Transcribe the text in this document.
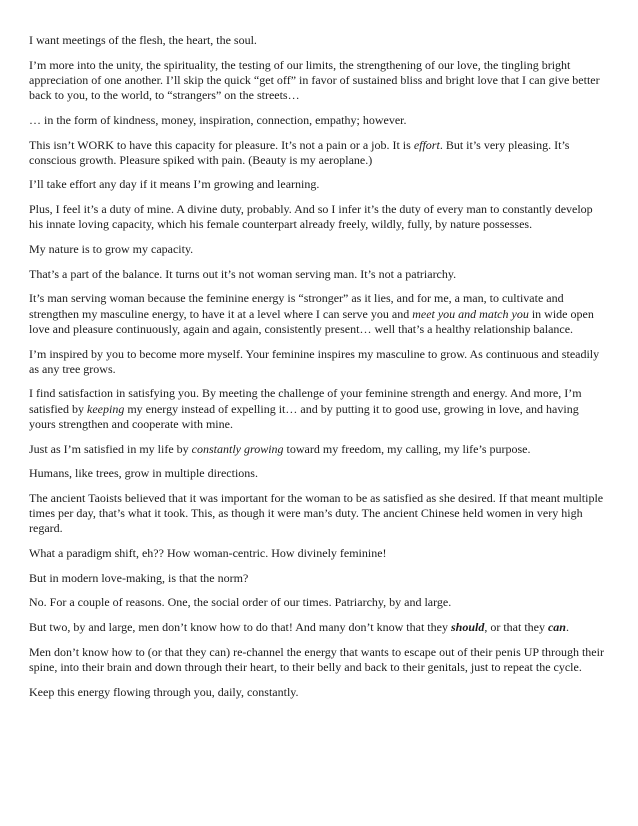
I want meetings of the flesh, the heart, the soul.

I’m more into the unity, the spirituality, the testing of our limits, the strengthening of our love, the tingling bright appreciation of one another. I’ll skip the quick “get off” in favor of sustained bliss and bright love that I can give better back to you, to the world, to “strangers” on the streets…

… in the form of kindness, money, inspiration, connection, empathy; however.

This isn’t WORK to have this capacity for pleasure. It’s not a pain or a job. It is effort. But it’s very pleasing. It’s conscious growth. Pleasure spiked with pain. (Beauty is my aeroplane.)

I’ll take effort any day if it means I’m growing and learning.

Plus, I feel it’s a duty of mine. A divine duty, probably. And so I infer it’s the duty of every man to constantly develop his innate loving capacity, which his female counterpart already freely, wildly, fully, by nature possesses.

My nature is to grow my capacity.

That’s a part of the balance. It turns out it’s not woman serving man. It’s not a patriarchy.

It’s man serving woman because the feminine energy is “stronger” as it lies, and for me, a man, to cultivate and strengthen my masculine energy, to have it at a level where I can serve you and meet you and match you in wide open love and pleasure continuously, again and again, consistently present… well that’s a healthy relationship balance.

I’m inspired by you to become more myself. Your feminine inspires my masculine to grow. As continuous and steadily as any tree grows.

I find satisfaction in satisfying you. By meeting the challenge of your feminine strength and energy. And more, I’m satisfied by keeping my energy instead of expelling it… and by putting it to good use, growing in love, and having yours strengthen and cooperate with mine.

Just as I’m satisfied in my life by constantly growing toward my freedom, my calling, my life’s purpose.

Humans, like trees, grow in multiple directions.

The ancient Taoists believed that it was important for the woman to be as satisfied as she desired. If that meant multiple times per day, that’s what it took. This, as though it were man’s duty. The ancient Chinese held women in very high regard.

What a paradigm shift, eh?? How woman-centric. How divinely feminine!

But in modern love-making, is that the norm?

No. For a couple of reasons. One, the social order of our times. Patriarchy, by and large.

But two, by and large, men don’t know how to do that! And many don’t know that they should, or that they can.

Men don’t know how to (or that they can) re-channel the energy that wants to escape out of their penis UP through their spine, into their brain and down through their heart, to their belly and back to their genitals, just to repeat the cycle.

Keep this energy flowing through you, daily, constantly.
